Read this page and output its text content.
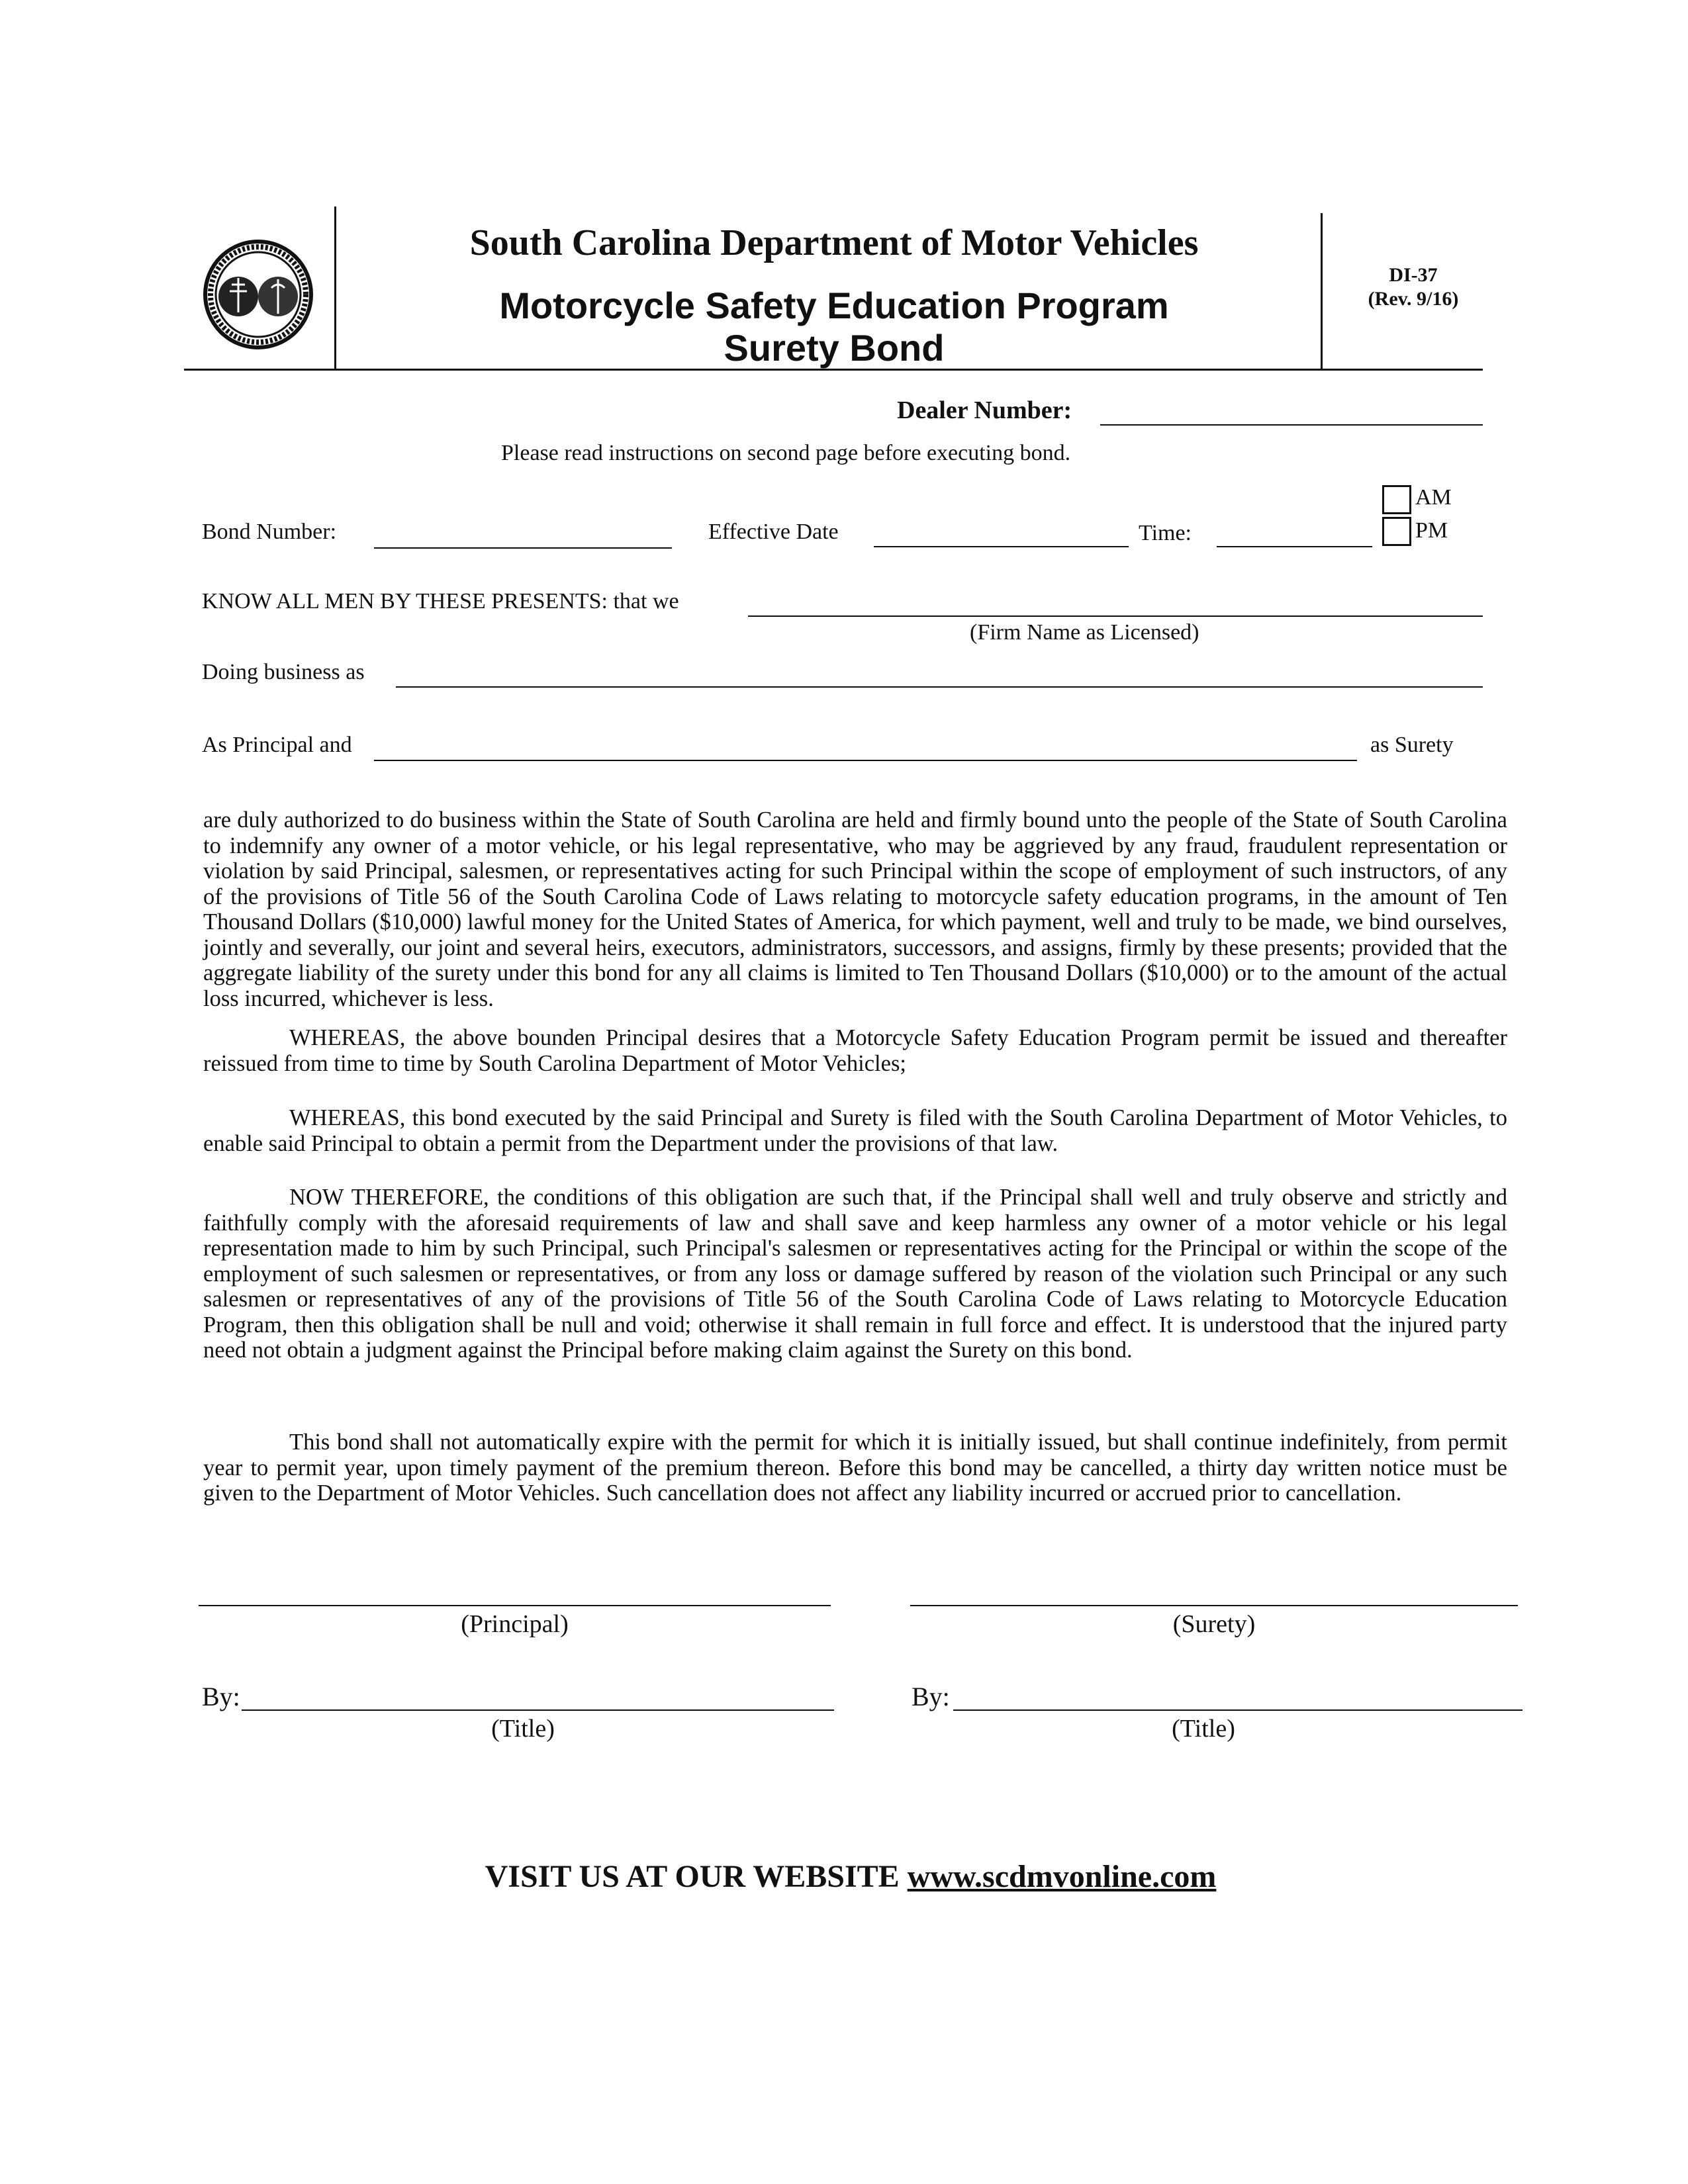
South Carolina Department of Motor Vehicles
Motorcycle Safety Education Program
Surety Bond
DI-37
(Rev. 9/16)
Dealer Number:
Please read instructions on second page before executing bond.
Bond Number:	Effective Date	Time:
AM
PM
KNOW ALL MEN BY THESE PRESENTS: that we
(Firm Name as Licensed)
Doing business as
As Principal and	as Surety
are duly authorized to do business within the State of South Carolina are held and firmly bound unto the people of the State of South Carolina to indemnify any owner of a motor vehicle, or his legal representative, who may be aggrieved by any fraud, fraudulent representation or violation by said Principal, salesmen, or representatives acting for such Principal within the scope of employment of such instructors, of any of the provisions of Title 56 of the South Carolina Code of Laws relating to motorcycle safety education programs, in the amount of Ten Thousand Dollars ($10,000) lawful money for the United States of America, for which payment, well and truly to be made, we bind ourselves, jointly and severally, our joint and several heirs, executors, administrators, successors, and assigns, firmly by these presents; provided that the aggregate liability of the surety under this bond for any all claims is limited to Ten Thousand Dollars ($10,000) or to the amount of the actual loss incurred, whichever is less.
WHEREAS, the above bounden Principal desires that a Motorcycle Safety Education Program permit be issued and thereafter reissued from time to time by South Carolina Department of Motor Vehicles;
WHEREAS, this bond executed by the said Principal and Surety is filed with the South Carolina Department of Motor Vehicles, to enable said Principal to obtain a permit from the Department under the provisions of that law.
NOW THEREFORE, the conditions of this obligation are such that, if the Principal shall well and truly observe and strictly and faithfully comply with the aforesaid requirements of law and shall save and keep harmless any owner of a motor vehicle or his legal representation made to him by such Principal, such Principal's salesmen or representatives acting for the Principal or within the scope of the employment of such salesmen or representatives, or from any loss or damage suffered by reason of the violation such Principal or any such salesmen or representatives of any of the provisions of Title 56 of the South Carolina Code of Laws relating to Motorcycle Education Program, then this obligation shall be null and void; otherwise it shall remain in full force and effect. It is understood that the injured party need not obtain a judgment against the Principal before making claim against the Surety on this bond.
This bond shall not automatically expire with the permit for which it is initially issued, but shall continue indefinitely, from permit year to permit year, upon timely payment of the premium thereon. Before this bond may be cancelled, a thirty day written notice must be given to the Department of Motor Vehicles. Such cancellation does not affect any liability incurred or accrued prior to cancellation.
(Principal)	(Surety)
By:
(Title)
By:
(Title)
VISIT US AT OUR WEBSITE www.scdmvonline.com
